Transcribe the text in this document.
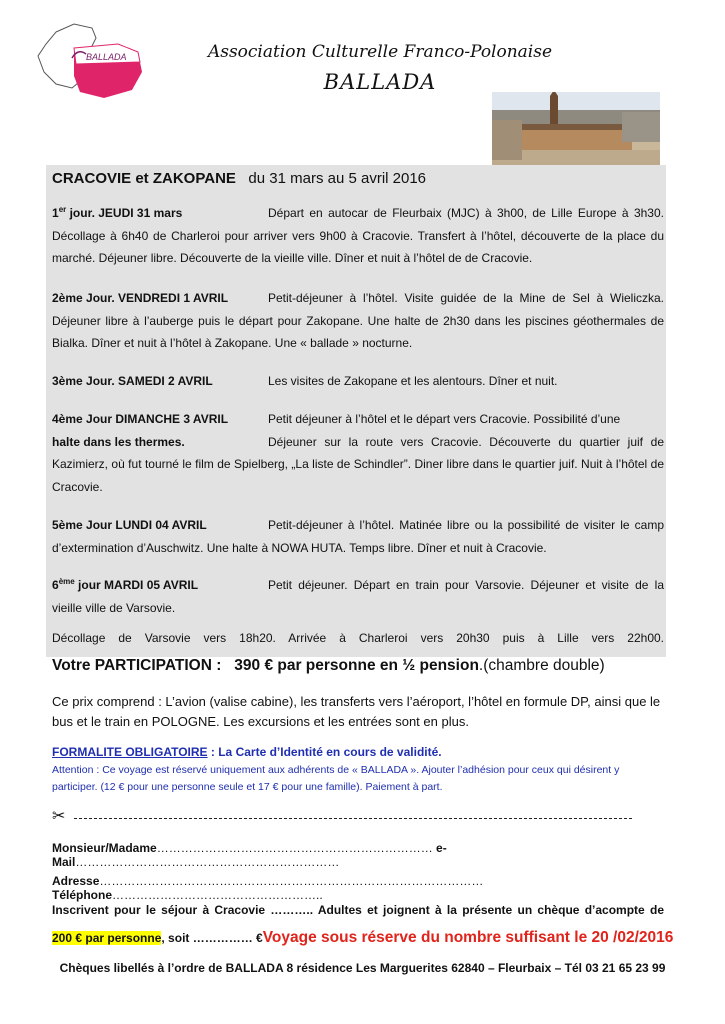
BALLADA	Association Culturelle Franco-Polonaise
BALLADA
CRACOVIE et ZAKOPANE du 31 mars au 5 avril 2016
1er jour. JEUDI 31 mars	Départ en autocar de Fleurbaix (MJC) à 3h00, de Lille Europe à 3h30. Décollage à 6h40 de Charleroi pour arriver vers 9h00 à Cracovie. Transfert à l’hôtel, découverte de la place du marché. Déjeuner libre. Découverte de la vieille ville. Dîner et nuit à l’hôtel de de Cracovie.
2ème Jour. VENDREDI 1 AVRIL	Petit-déjeuner à l’hôtel. Visite guidée de la Mine de Sel à Wieliczka. Déjeuner libre à l’auberge puis le départ pour Zakopane. Une halte de 2h30 dans les piscines géothermales de Bialka. Dîner et nuit à l’hôtel à Zakopane. Une « ballade » nocturne.
3ème Jour. SAMEDI 2 AVRIL	Les visites de Zakopane et les alentours. Dîner et nuit.
4ème Jour DIMANCHE 3 AVRIL	Petit déjeuner à l’hôtel et le départ vers Cracovie. Possibilité d’une
halte dans les thermes.	Déjeuner sur la route vers Cracovie. Découverte du quartier juif de Kazimierz, où fut tourné le film de Spielberg, „La liste de Schindler”. Diner libre dans le quartier juif. Nuit à l’hôtel de Cracovie.
5ème Jour LUNDI 04 AVRIL	Petit-déjeuner à l’hôtel. Matinée libre ou la possibilité de visiter le camp d’extermination d’Auschwitz. Une halte à NOWA HUTA. Temps libre. Dîner et nuit à Cracovie.
6ème jour MARDI 05 AVRIL	Petit déjeuner. Départ en train pour Varsovie. Déjeuner et visite de la vieille ville de Varsovie.
Décollage de Varsovie vers 18h20. Arrivée à Charleroi vers 20h30 puis à Lille vers 22h00.
Votre PARTICIPATION : 390 € par personne en ½ pension.(chambre double)
Ce prix comprend : L’avion (valise cabine), les transferts vers l’aéroport, l’hôtel en formule DP, ainsi que le bus et le train en POLOGNE. Les excursions et les entrées sont en plus.
FORMALITE OBLIGATOIRE : La Carte d’Identité en cours de validité.
Attention : Ce voyage est réservé uniquement aux adhérents de « BALLADA ». Ajouter l’adhésion pour ceux qui désirent y participer. (12 € pour une personne seule et 17 € pour une famille). Paiement à part.
✂
Monsieur/Madame…………………………………………………………… e-Mail…………………………………………………………
Adresse……………………………………………………………………………………Téléphone……………………………………………..
Inscrivent pour le séjour à Cracovie ……….. Adultes et joignent à la présente un chèque d’acompte de
200 € par personne, soit …………… €Voyage sous réserve du nombre suffisant le 20 /02/2016
Chèques libellés à l’ordre de BALLADA 8 résidence Les Marguerites 62840 – Fleurbaix – Tél 03 21 65 23 99
